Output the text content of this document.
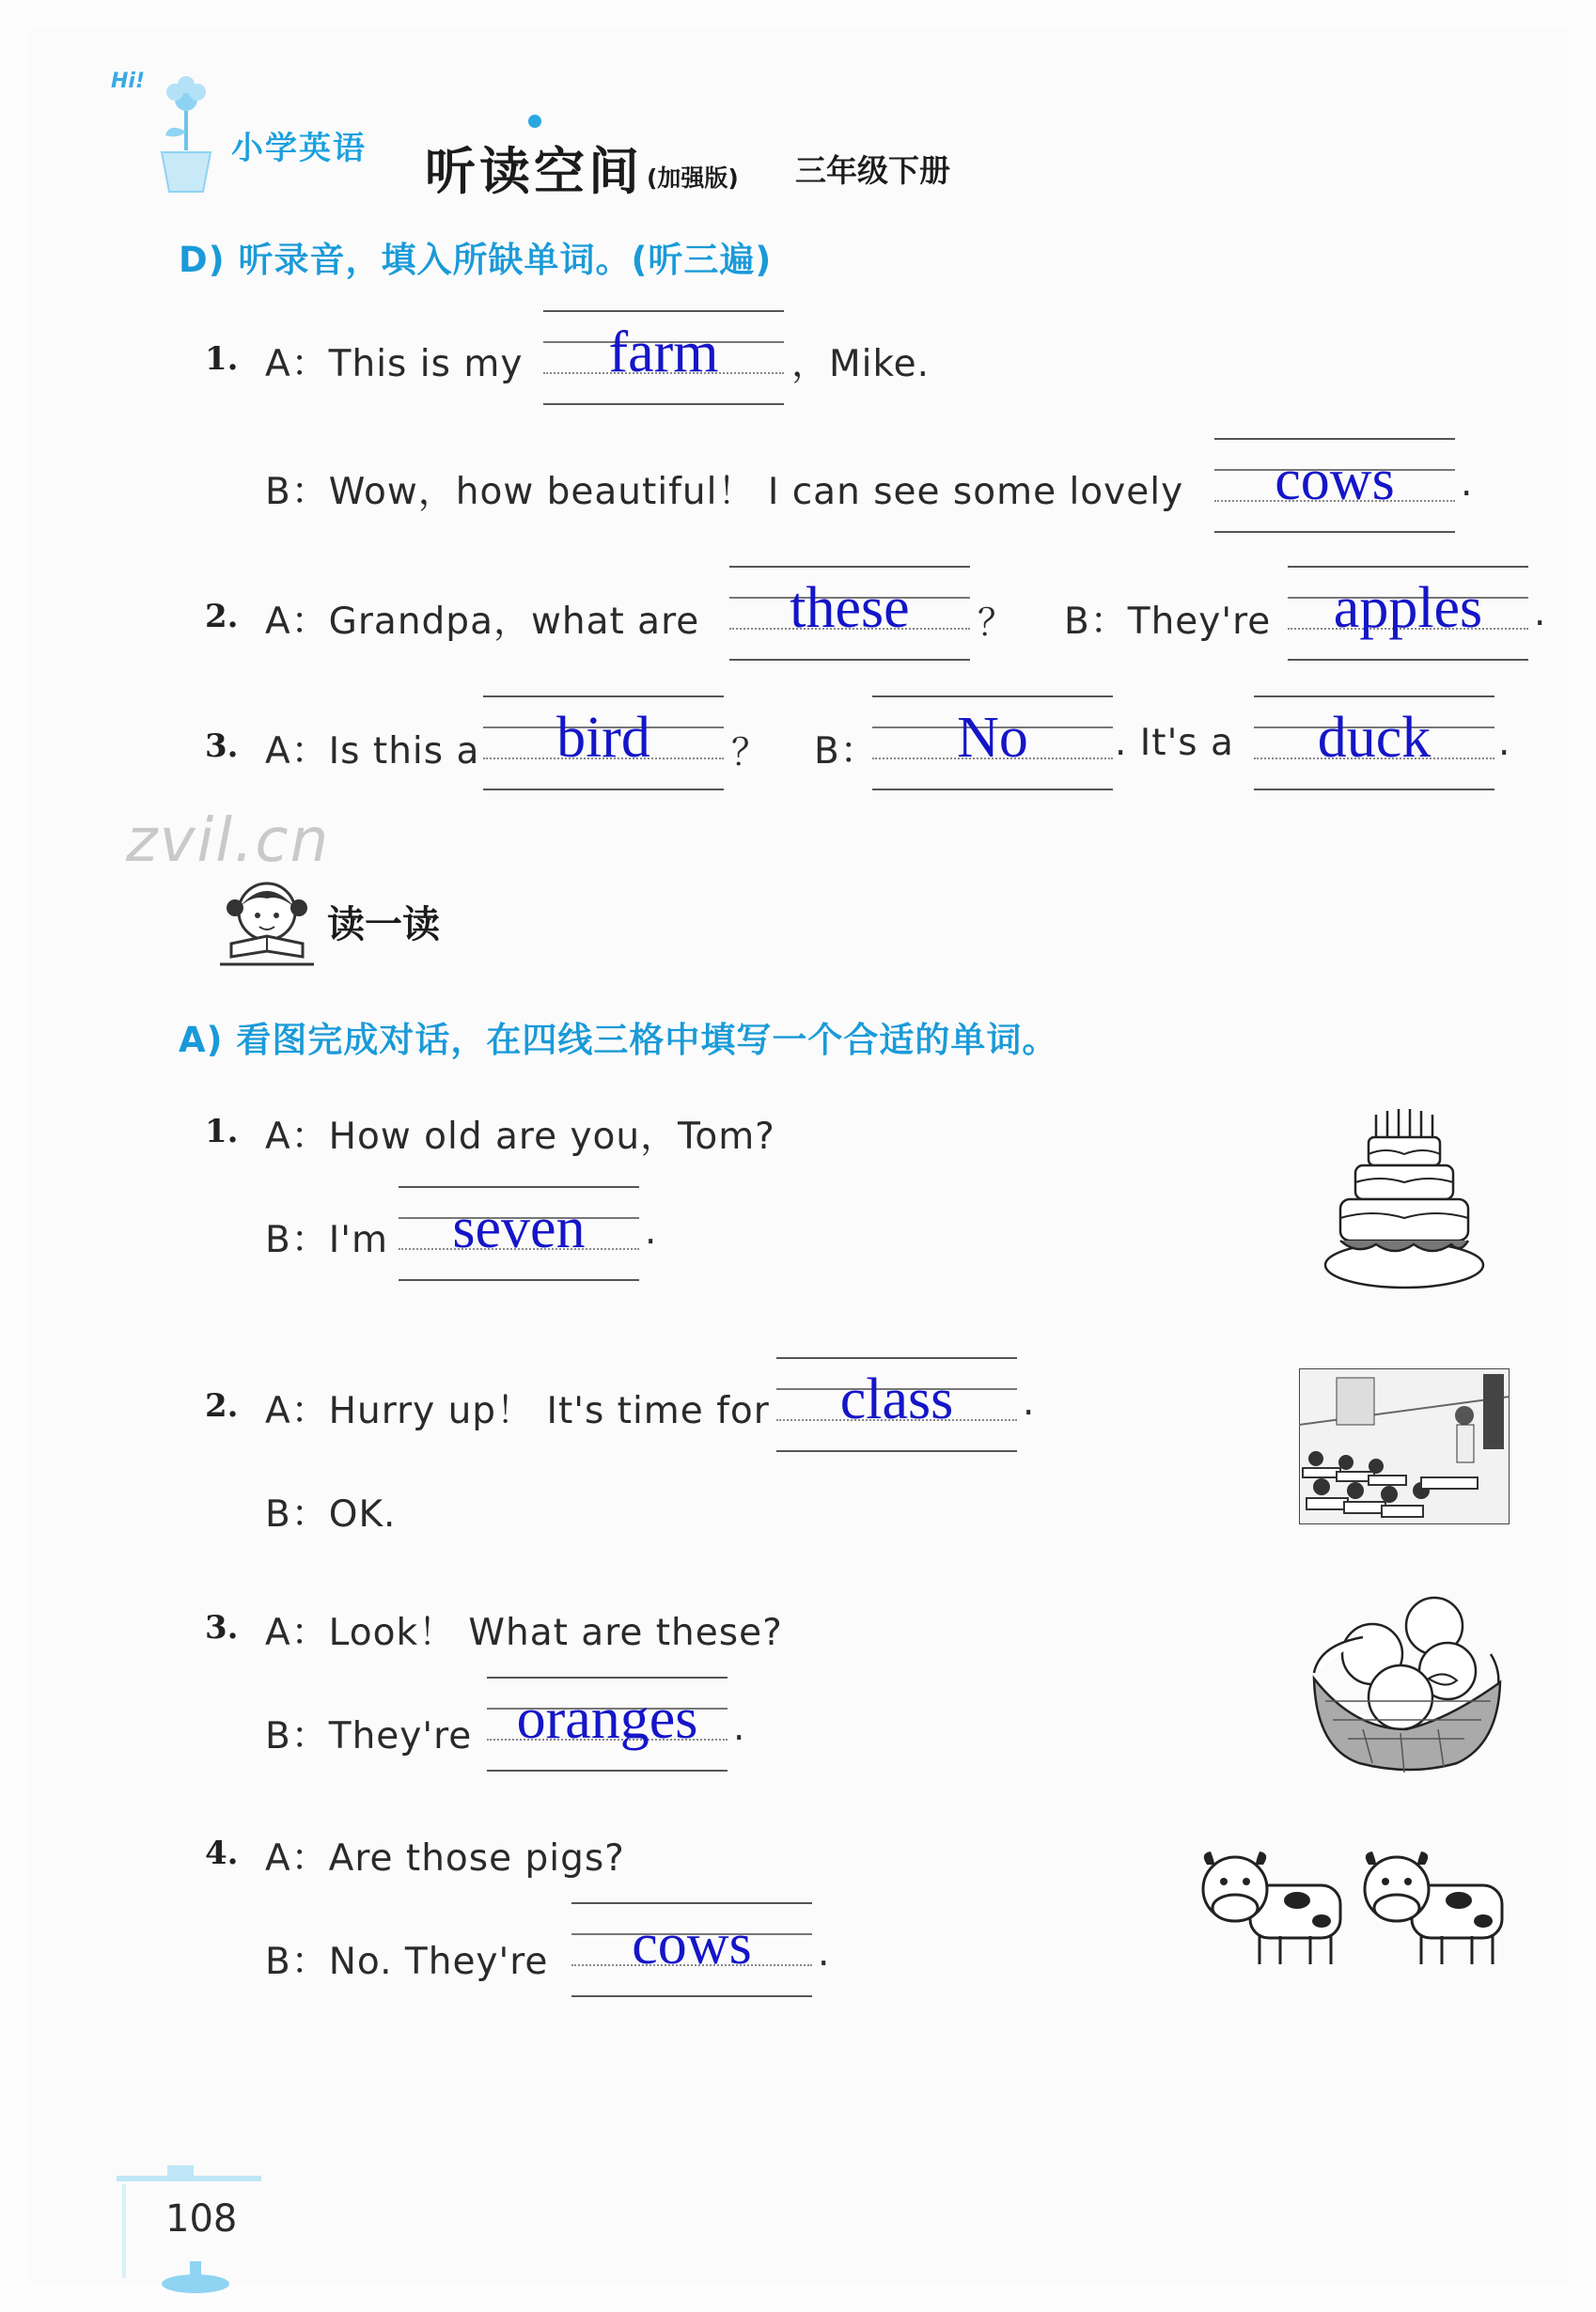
Hi!
小学英语 听读空间 (加强版) 三年级下册
D) 听录音，填入所缺单词。(听三遍)
1. A：This is my	farm	，Mike.
B：Wow，how beautiful！ I can see some lovely	cows	.
2. A：Grandpa，what are	these	？ B：They're	apples	.
3. A：Is this a	bird	？ B：	No	. It's a	duck	.
zvil.cn
读一读
A) 看图完成对话，在四线三格中填写一个合适的单词。
1. A：How old are you，Tom?
B：I'm	seven	.
2. A：Hurry up！ It's time for	class	.
B：OK.
3. A：Look！ What are these?
B：They're oranges .
4. A：Are those pigs?
B：No. They're	cows	.
108
